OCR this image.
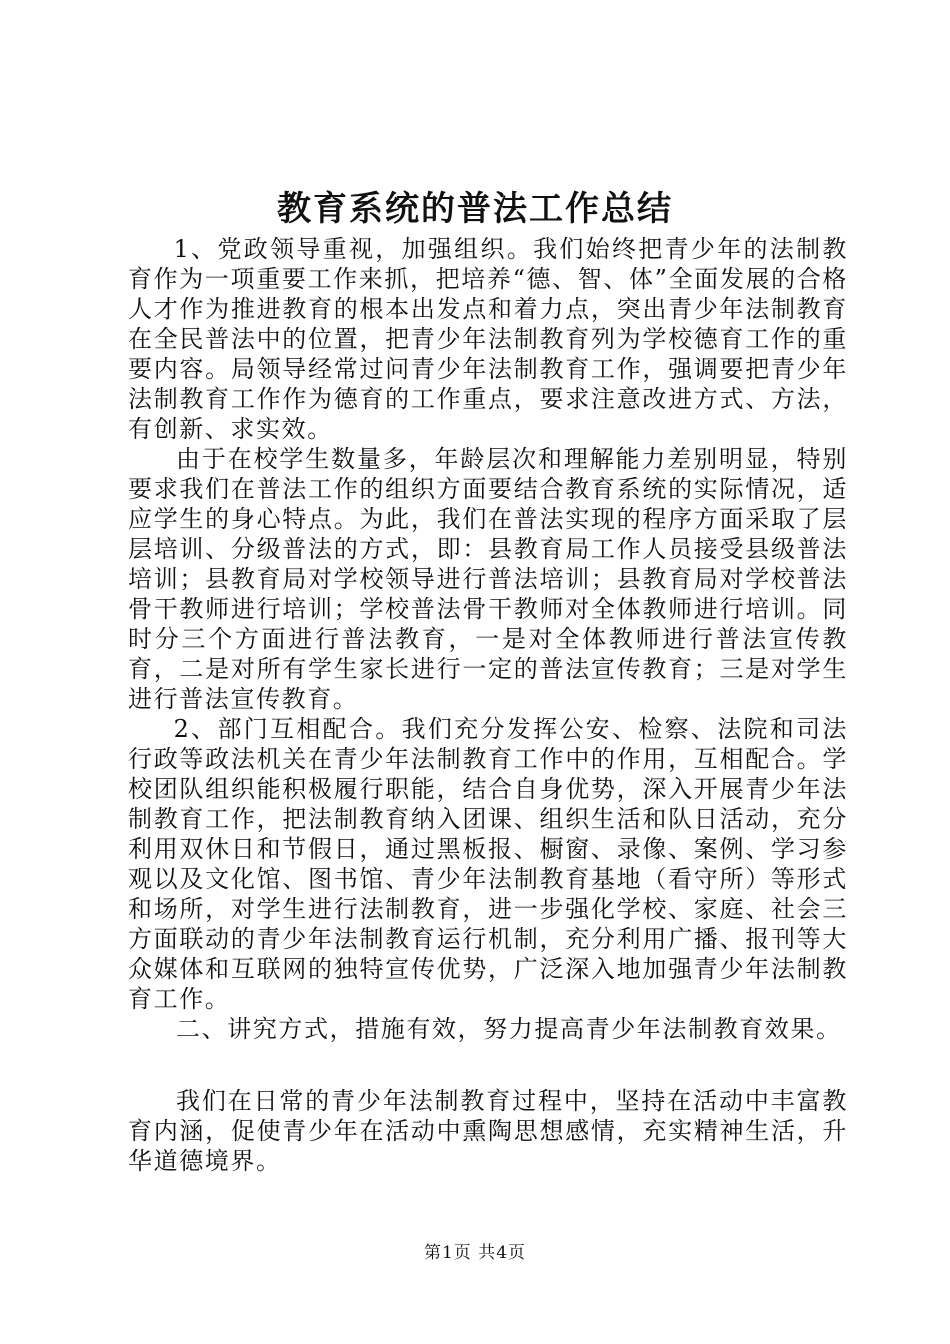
教育系统的普法工作总结

1、党政领导重视，加强组织。我们始终把青少年的法制教育作为一项重要工作来抓，把培养“德、智、体”全面发展的合格人才作为推进教育的根本出发点和着力点，突出青少年法制教育在全民普法中的位置，把青少年法制教育列为学校德育工作的重要内容。局领导经常过问青少年法制教育工作，强调要把青少年法制教育工作作为德育的工作重点，要求注意改进方式、方法，有创新、求实效。

由于在校学生数量多，年龄层次和理解能力差别明显，特别要求我们在普法工作的组织方面要结合教育系统的实际情况，适应学生的身心特点。为此，我们在普法实现的程序方面采取了层层培训、分级普法的方式，即：县教育局工作人员接受县级普法培训；县教育局对学校领导进行普法培训；县教育局对学校普法骨干教师进行培训；学校普法骨干教师对全体教师进行培训。同时分三个方面进行普法教育，一是对全体教师进行普法宣传教育，二是对所有学生家长进行一定的普法宣传教育；三是对学生进行普法宣传教育。

2、部门互相配合。我们充分发挥公安、检察、法院和司法行政等政法机关在青少年法制教育工作中的作用，互相配合。学校团队组织能积极履行职能，结合自身优势，深入开展青少年法制教育工作，把法制教育纳入团课、组织生活和队日活动，充分利用双休日和节假日，通过黑板报、橱窗、录像、案例、学习参观以及文化馆、图书馆、青少年法制教育基地（看守所）等形式和场所，对学生进行法制教育，进一步强化学校、家庭、社会三方面联动的青少年法制教育运行机制，充分利用广播、报刊等大众媒体和互联网的独特宣传优势，广泛深入地加强青少年法制教育工作。

二、讲究方式，措施有效，努力提高青少年法制教育效果。

我们在日常的青少年法制教育过程中，坚持在活动中丰富教育内涵，促使青少年在活动中熏陶思想感情，充实精神生活，升华道德境界。

第1页 共4页
